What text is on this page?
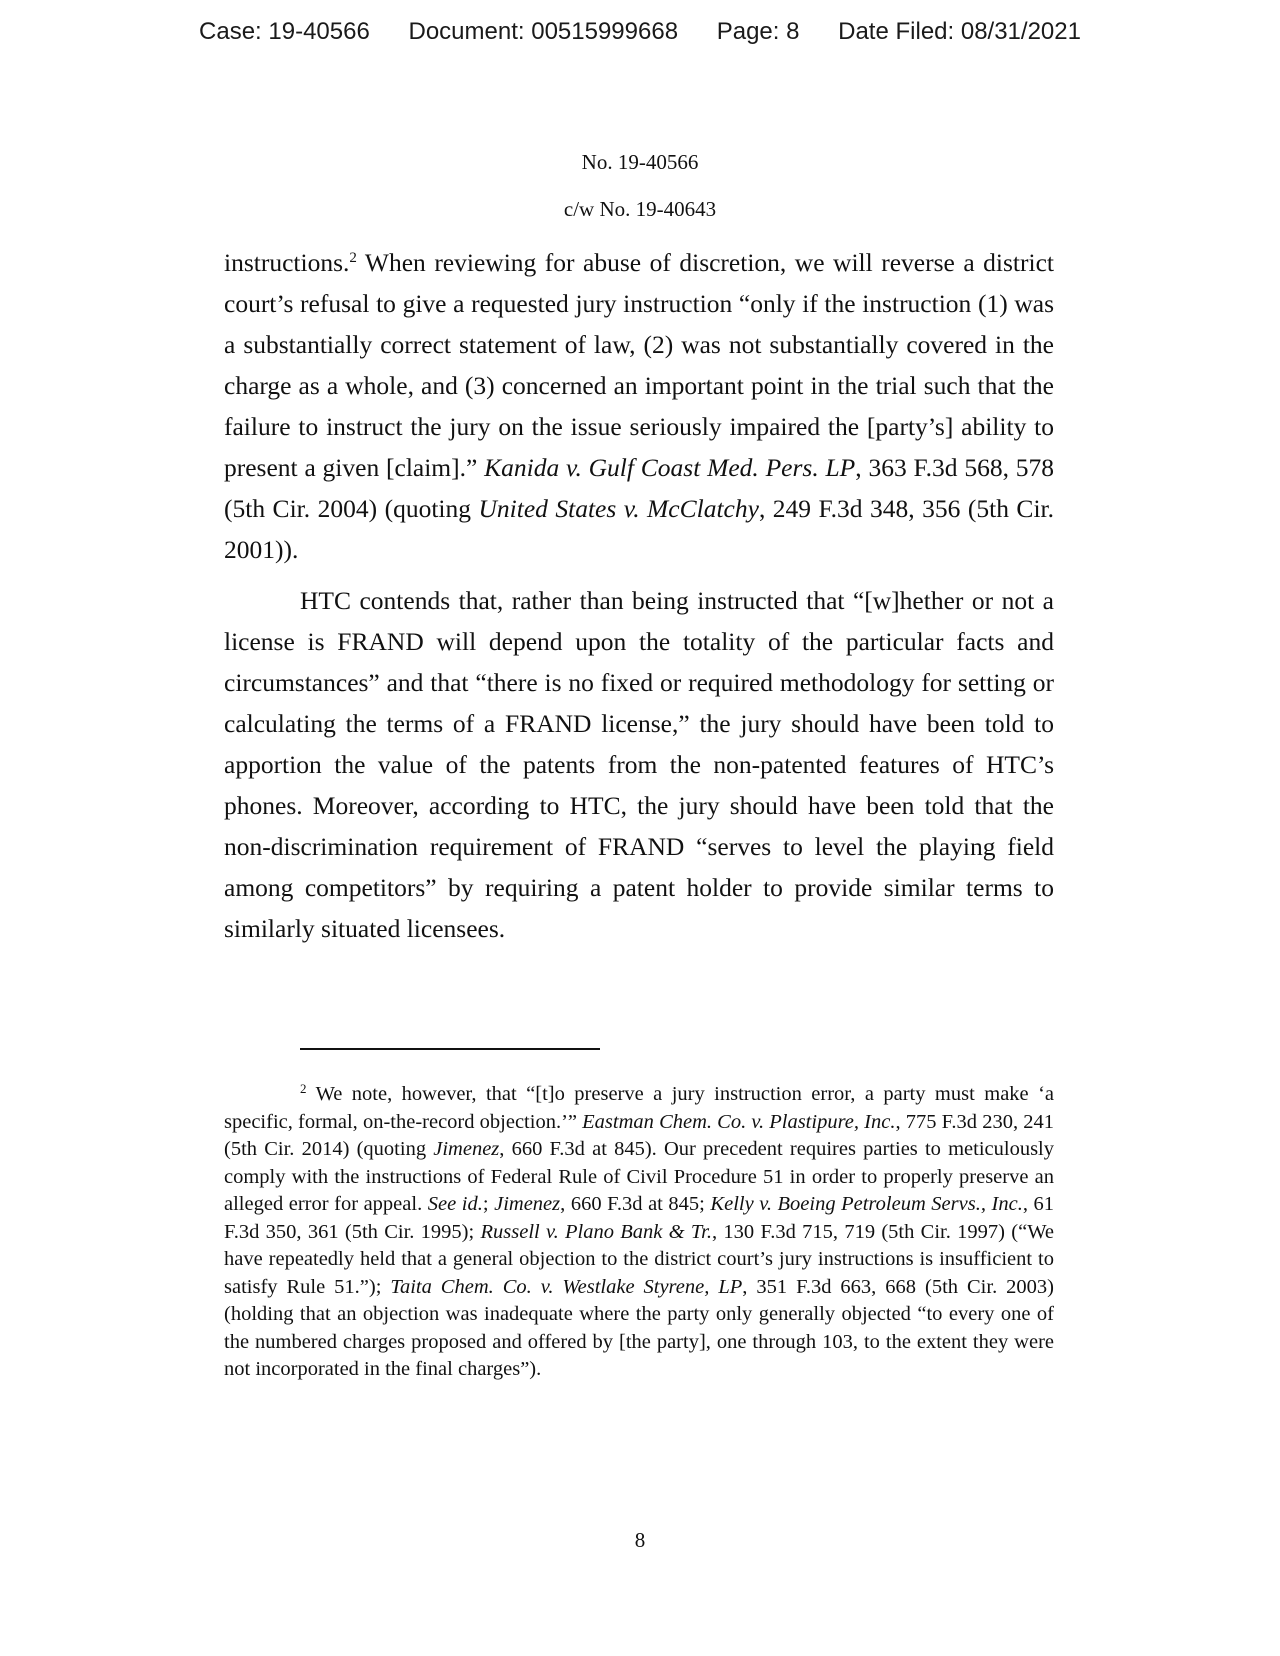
Case: 19-40566 Document: 00515999668 Page: 8 Date Filed: 08/31/2021
No. 19-40566
c/w No. 19-40643

instructions.$^2$ When reviewing for abuse of discretion, we will reverse a district court’s refusal to give a requested jury instruction “only if the instruction (1) was a substantially correct statement of law, (2) was not substantially covered in the charge as a whole, and (3) concerned an important point in the trial such that the failure to instruct the jury on the issue seriously impaired the [party’s] ability to present a given [claim].” Kanida v. Gulf Coast Med. Pers. LP, 363 F.3d 568, 578 (5th Cir. 2004) (quoting United States v. McClatchy, 249 F.3d 348, 356 (5th Cir. 2001)).

HTC contends that, rather than being instructed that “[w]hether or not a license is FRAND will depend upon the totality of the particular facts and circumstances” and that “there is no fixed or required methodology for setting or calculating the terms of a FRAND license,” the jury should have been told to apportion the value of the patents from the non-patented features of HTC’s phones. Moreover, according to HTC, the jury should have been told that the non-discrimination requirement of FRAND “serves to level the playing field among competitors” by requiring a patent holder to provide similar terms to similarly situated licensees.

$^2$ We note, however, that “[t]o preserve a jury instruction error, a party must make ‘a specific, formal, on-the-record objection.’” Eastman Chem. Co. v. Plastipure, Inc., 775 F.3d 230, 241 (5th Cir. 2014) (quoting Jimenez, 660 F.3d at 845). Our precedent requires parties to meticulously comply with the instructions of Federal Rule of Civil Procedure 51 in order to properly preserve an alleged error for appeal. See id.; Jimenez, 660 F.3d at 845; Kelly v. Boeing Petroleum Servs., Inc., 61 F.3d 350, 361 (5th Cir. 1995); Russell v. Plano Bank & Tr., 130 F.3d 715, 719 (5th Cir. 1997) (“We have repeatedly held that a general objection to the district court’s jury instructions is insufficient to satisfy Rule 51.”); Taita Chem. Co. v. Westlake Styrene, LP, 351 F.3d 663, 668 (5th Cir. 2003) (holding that an objection was inadequate where the party only generally objected “to every one of the numbered charges proposed and offered by [the party], one through 103, to the extent they were not incorporated in the final charges”).

8
